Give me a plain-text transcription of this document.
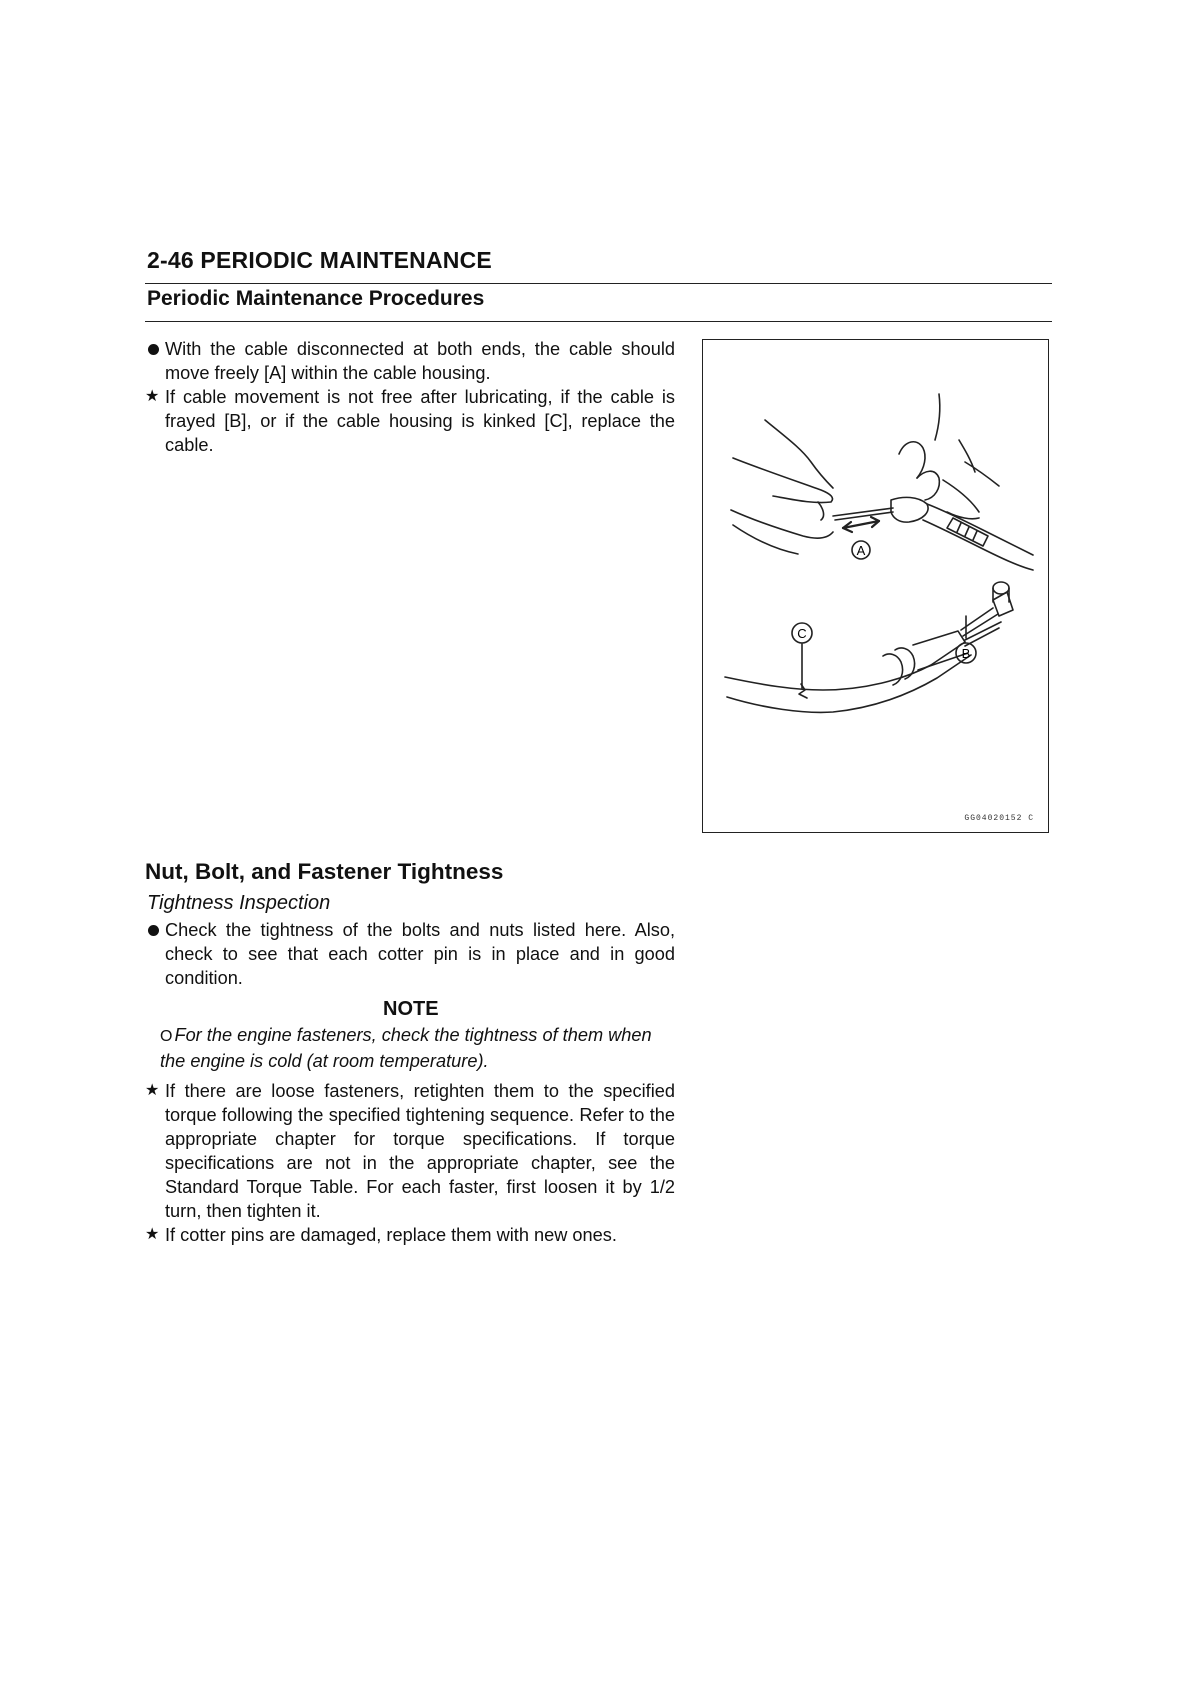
2-46 PERIODIC MAINTENANCE
Periodic Maintenance Procedures

With the cable disconnected at both ends, the cable should move freely [A] within the cable housing.

★ If cable movement is not free after lubricating, if the cable is frayed [B], or if the cable housing is kinked [C], replace the cable.

A
C
B
GG04020152 C
Nut, Bolt, and Fastener Tightness

Tightness Inspection

Check the tightness of the bolts and nuts listed here. Also, check to see that each cotter pin is in place and in good condition.

NOTE

O For the engine fasteners, check the tightness of them when the engine is cold (at room temperature).

★ If there are loose fasteners, retighten them to the specified torque following the specified tightening sequence. Refer to the appropriate chapter for torque specifications. If torque specifications are not in the appropriate chapter, see the Standard Torque Table. For each faster, first loosen it by 1/2 turn, then tighten it.

★ If cotter pins are damaged, replace them with new ones.
